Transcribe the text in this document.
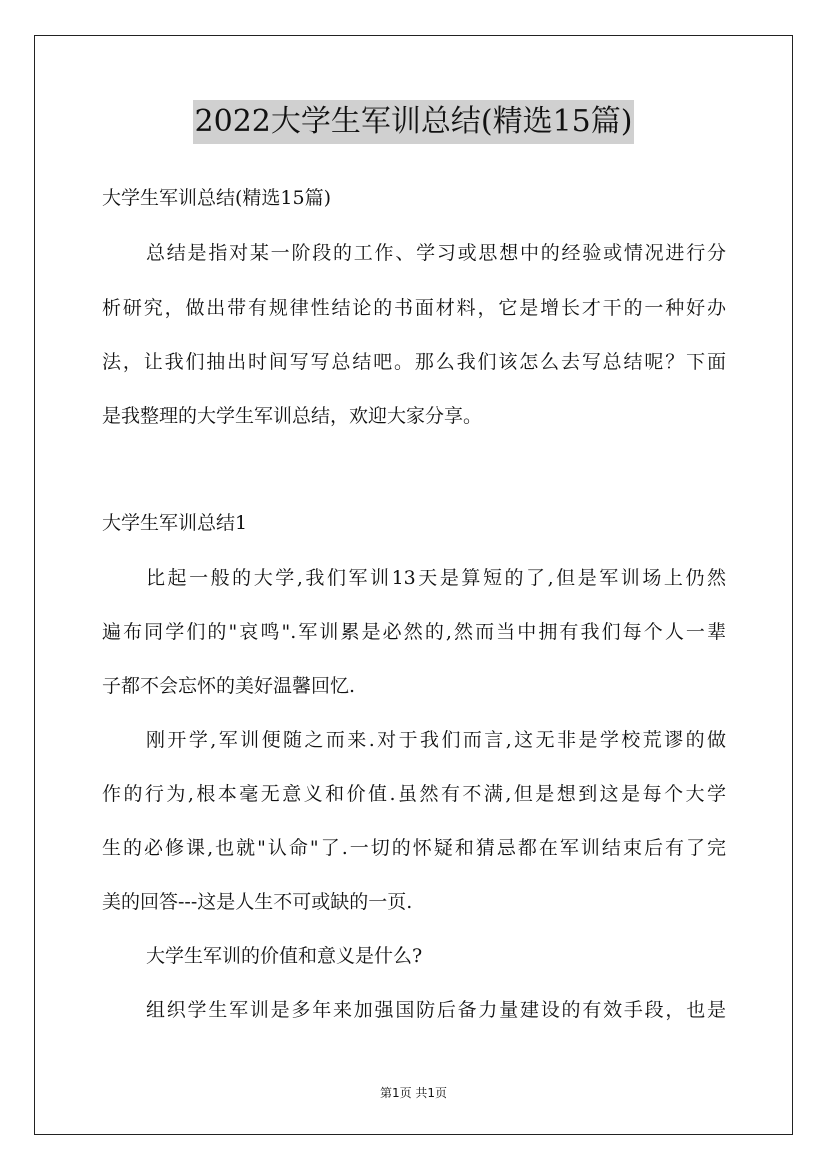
2022大学生军训总结(精选15篇)
大学生军训总结(精选15篇)
总结是指对某一阶段的工作、学习或思想中的经验或情况进行分
析研究，做出带有规律性结论的书面材料，它是增长才干的一种好办
法，让我们抽出时间写写总结吧。那么我们该怎么去写总结呢？下面
是我整理的大学生军训总结，欢迎大家分享。
大学生军训总结1
比起一般的大学,我们军训13天是算短的了,但是军训场上仍然
遍布同学们的"哀鸣".军训累是必然的,然而当中拥有我们每个人一辈
子都不会忘怀的美好温馨回忆.
刚开学,军训便随之而来.对于我们而言,这无非是学校荒谬的做
作的行为,根本毫无意义和价值.虽然有不满,但是想到这是每个大学
生的必修课,也就"认命"了.一切的怀疑和猜忌都在军训结束后有了完
美的回答---这是人生不可或缺的一页.
大学生军训的价值和意义是什么?
组织学生军训是多年来加强国防后备力量建设的有效手段，也是
第1页 共1页
